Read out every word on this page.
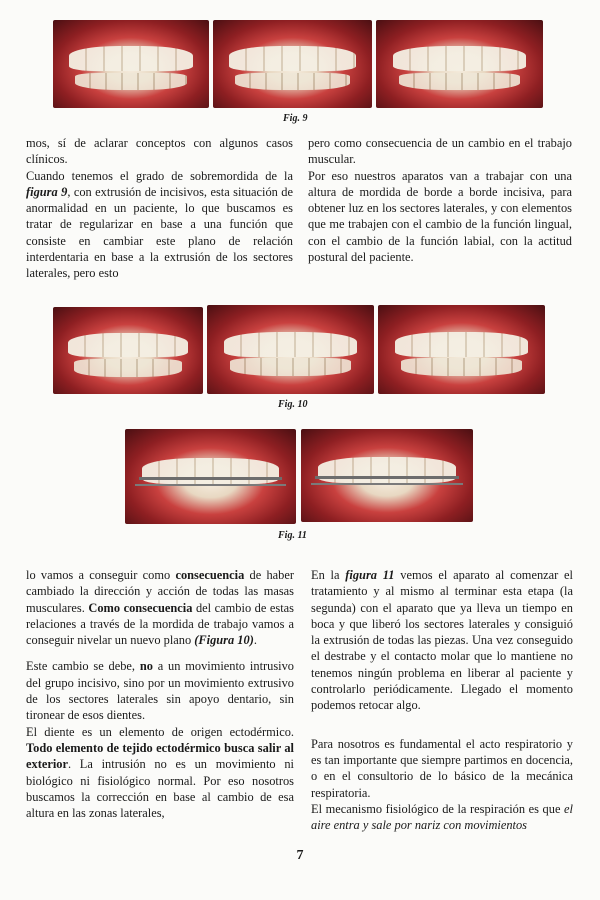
Fig. 9

mos, sí de aclarar conceptos con algunos casos clínicos.
Cuando tenemos el grado de sobremordida de la figura 9, con extrusión de incisivos, esta situación de anormalidad en un paciente, lo que buscamos es tratar de regularizar en base a una función que consiste en cambiar este plano de relación interdentaria en base a la extrusión de los sectores laterales, pero esto

pero como consecuencia de un cambio en el trabajo muscular.

Por eso nuestros aparatos van a trabajar con una altura de mordida de borde a borde incisiva, para obtener luz en los sectores laterales, y con elementos que me trabajen con el cambio de la función lingual, con el cambio de la función labial, con la actitud postural del paciente.

Fig. 10
Fig. 11

lo vamos a conseguir como consecuencia de haber cambiado la dirección y acción de todas las masas musculares. Como consecuencia del cambio de estas relaciones a través de la mordida de trabajo vamos a conseguir nivelar un nuevo plano (Figura 10).

Este cambio se debe, no a un movimiento intrusivo del grupo incisivo, sino por un movimiento extrusivo de los sectores laterales sin apoyo dentario, sin tironear de esos dientes.
El diente es un elemento de origen ectodérmico. Todo elemento de tejido ectodérmico busca salir al exterior. La intrusión no es un movimiento ni biológico ni fisiológico normal. Por eso nosotros buscamos la corrección en base al cambio de esa altura en las zonas laterales,

En la figura 11 vemos el aparato al comenzar el tratamiento y al mismo al terminar esta etapa (la segunda) con el aparato que ya lleva un tiempo en boca y que liberó los sectores laterales y consiguió la extrusión de todas las piezas. Una vez conseguido el destrabe y el contacto molar que lo mantiene no tenemos ningún problema en liberar al paciente y controlarlo periódicamente. Llegado el momento podemos retocar algo.

Para nosotros es fundamental el acto respiratorio y es tan importante que siempre partimos en docencia, o en el consultorio de lo básico de la mecánica respiratoria.
El mecanismo fisiológico de la respiración es que el aire entra y sale por nariz con movimientos

7
